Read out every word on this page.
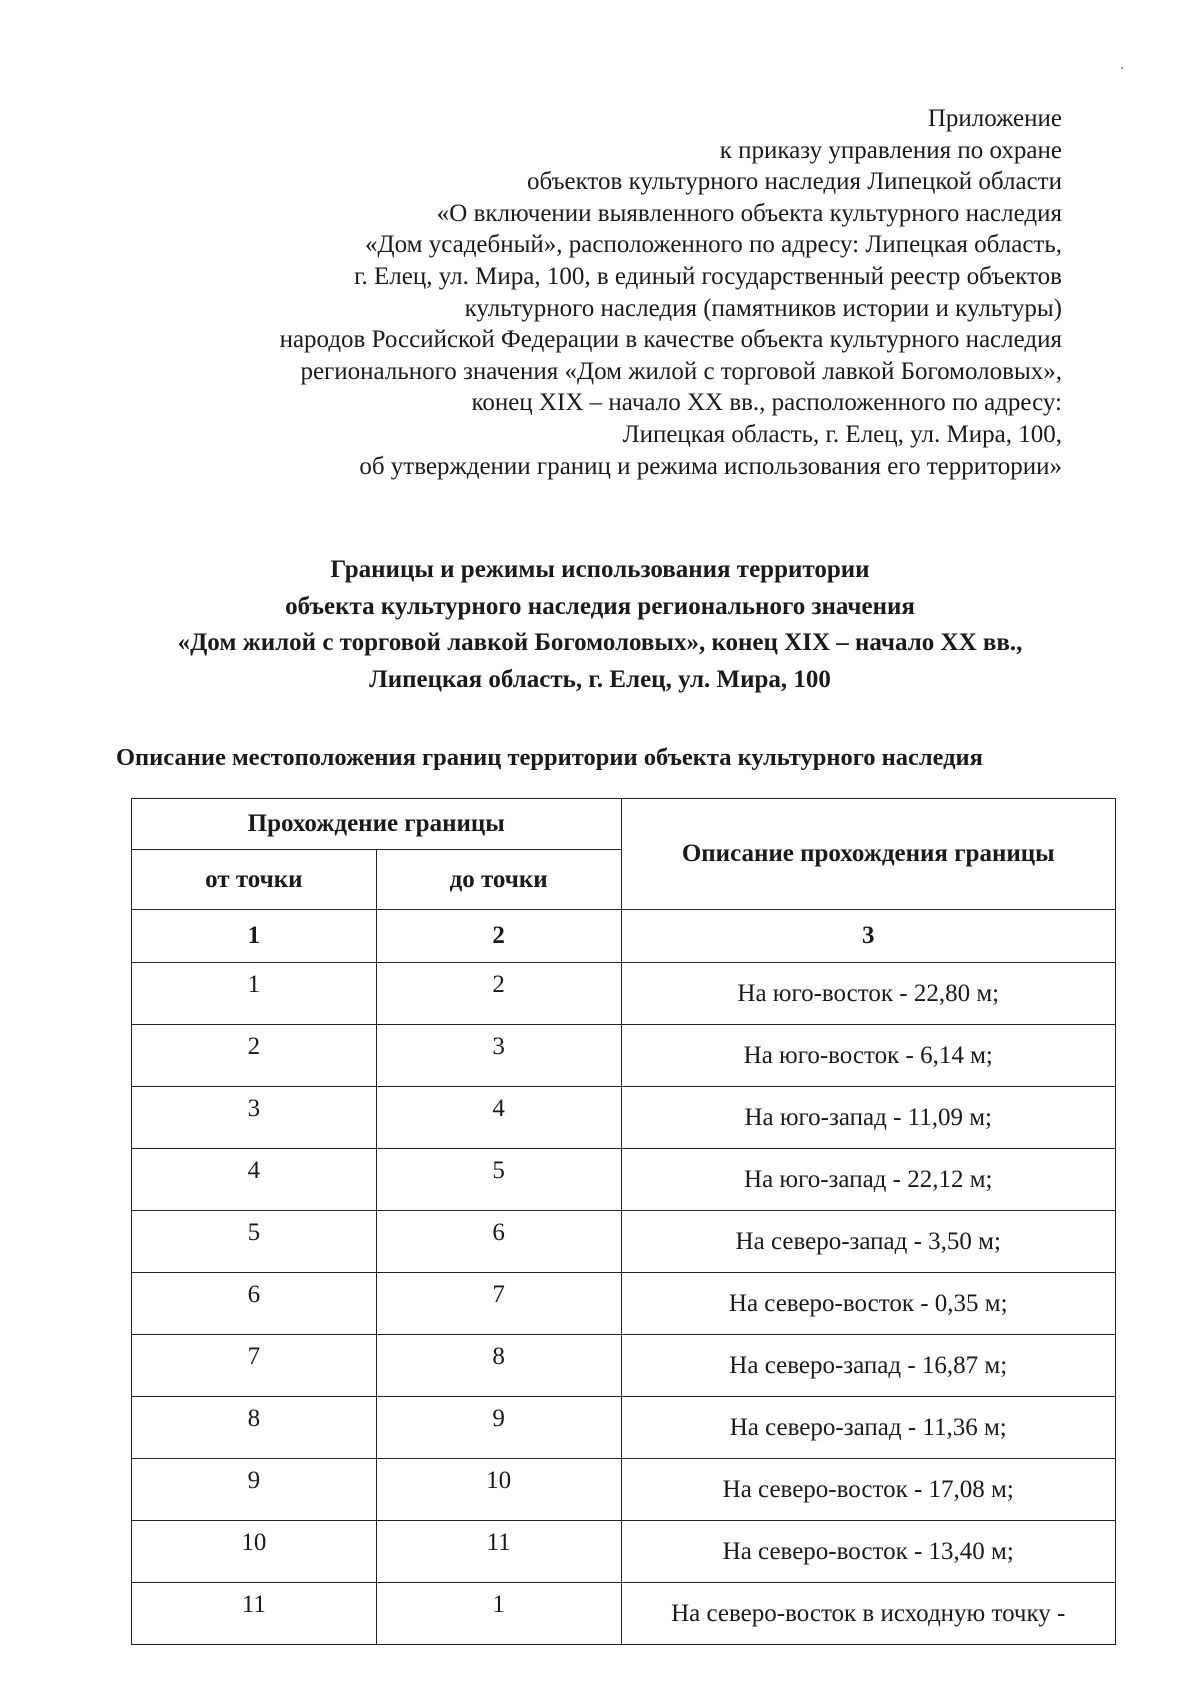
Приложение
к приказу управления по охране
объектов культурного наследия Липецкой области
«О включении выявленного объекта культурного наследия
«Дом усадебный», расположенного по адресу: Липецкая область,
г. Елец, ул. Мира, 100, в единый государственный реестр объектов
культурного наследия (памятников истории и культуры)
народов Российской Федерации в качестве объекта культурного наследия
регионального значения «Дом жилой с торговой лавкой Богомоловых»,
конец XIX – начало XX вв., расположенного по адресу:
Липецкая область, г. Елец, ул. Мира, 100,
об утверждении границ и режима использования его территории»
Границы и режимы использования территории
объекта культурного наследия регионального значения
«Дом жилой с торговой лавкой Богомоловых», конец XIX – начало XX вв.,
Липецкая область, г. Елец, ул. Мира, 100
Описание местоположения границ территории объекта культурного наследия
Прохождение границы		Описание прохождения границы
от точки	до точки	
1	2	3
1	2	На юго-восток - 22,80 м;
2	3	На юго-восток - 6,14 м;
3	4	На юго-запад - 11,09 м;
4	5	На юго-запад - 22,12 м;
5	6	На северо-запад - 3,50 м;
6	7	На северо-восток - 0,35 м;
7	8	На северо-запад - 16,87 м;
8	9	На северо-запад - 11,36 м;
9	10	На северо-восток - 17,08 м;
10	11	На северо-восток - 13,40 м;
11	1	На северо-восток в исходную точку -
